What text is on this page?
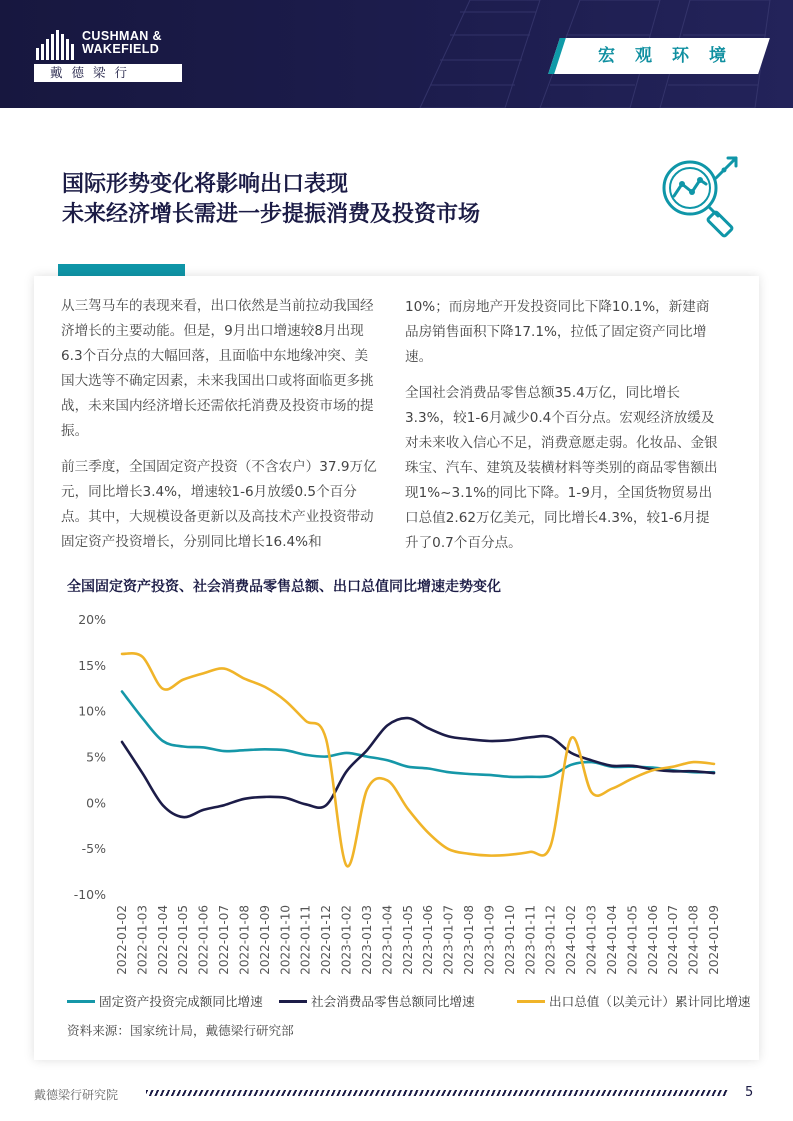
CUSHMAN & WAKEFIELD
戴德梁行
宏观环境
国际形势变化将影响出口表现
未来经济增长需进一步提振消费及投资市场

从三驾马车的表现来看，出口依然是当前拉动我国经济增长的主要动能。但是，9月出口增速较8月出现6.3个百分点的大幅回落，且面临中东地缘冲突、美国大选等不确定因素，未来我国出口或将面临更多挑战，未来国内经济增长还需依托消费及投资市场的提振。

前三季度，全国固定资产投资（不含农户）37.9万亿元，同比增长3.4%，增速较1-6月放缓0.5个百分点。其中，大规模设备更新以及高技术产业投资带动固定资产投资增长，分别同比增长16.4%和

10%；而房地产开发投资同比下降10.1%，新建商品房销售面积下降17.1%，拉低了固定资产同比增速。

全国社会消费品零售总额35.4万亿，同比增长3.3%，较1-6月减少0.4个百分点。宏观经济放缓及对未来收入信心不足，消费意愿走弱。化妆品、金银珠宝、汽车、建筑及装横材料等类别的商品零售额出现1%~3.1%的同比下降。1-9月，全国货物贸易出口总值2.62万亿美元，同比增长4.3%，较1-6月提升了0.7个百分点。

全国固定资产投资、社会消费品零售总额、出口总值同比增速走势变化
20%
15%
10%
5%
0%
-5%
-10%
2022-01-02 2022-01-03 2022-01-04 2022-01-05 2022-01-06 2022-01-07 2022-01-08 2022-01-09 2022-01-10 2022-01-11 2022-01-12 2023-01-02 2023-01-03 2023-01-04 2023-01-05 2023-01-06 2023-01-07 2023-01-08 2023-01-09 2023-01-10 2023-01-11 2023-01-12 2024-01-02 2024-01-03 2024-01-04 2024-01-05 2024-01-06 2024-01-07 2024-01-08 2024-01-09
固定资产投资完成额同比增速	社会消费品零售总额同比增速	出口总值（以美元计）累计同比增速
资料来源：国家统计局，戴德梁行研究部
戴德梁行研究院	5
